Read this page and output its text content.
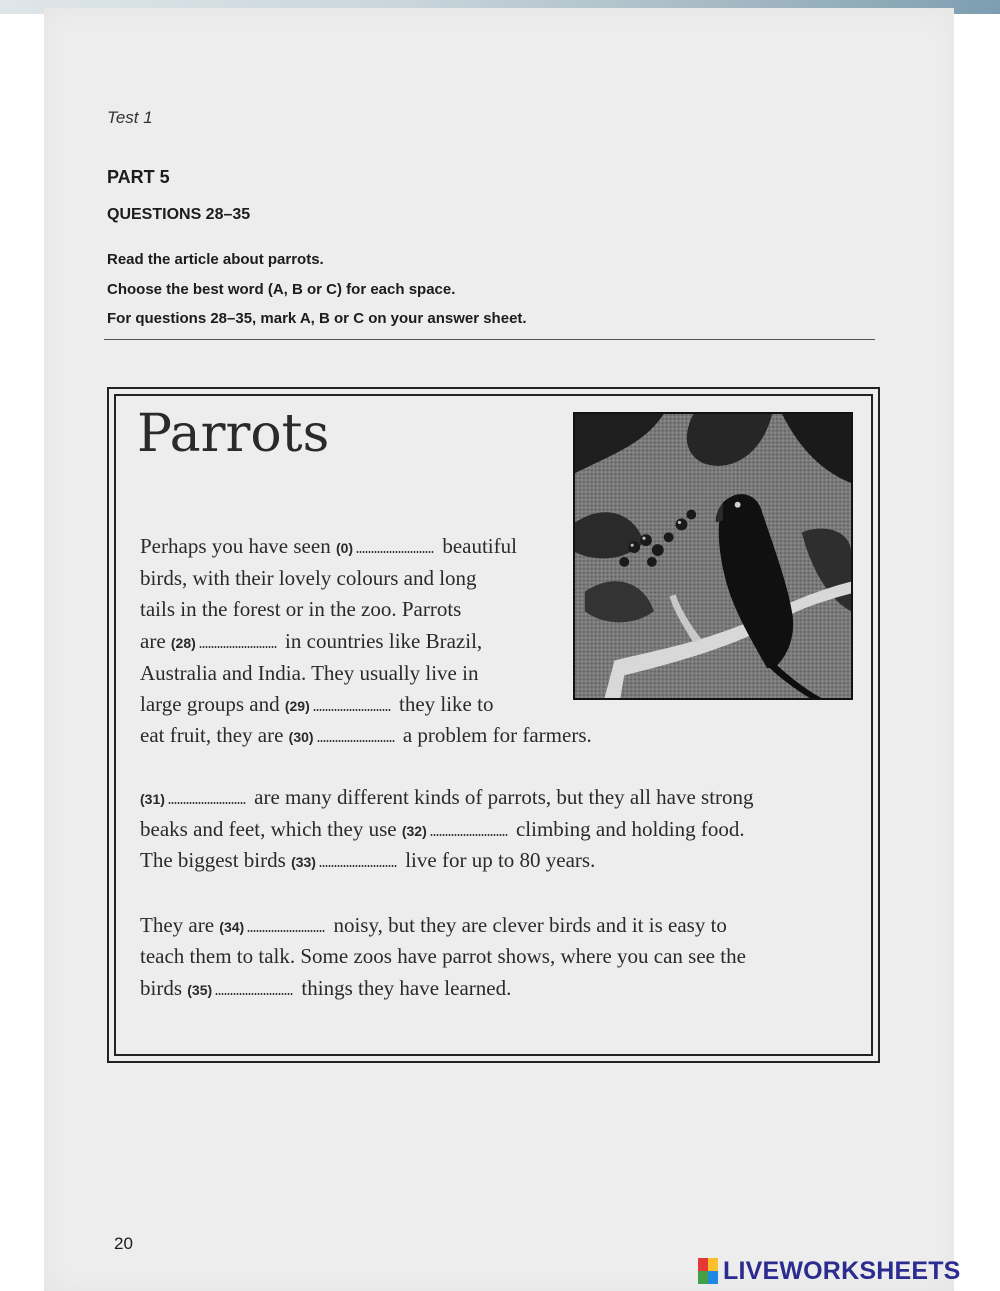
Test 1
PART 5
QUESTIONS 28–35
Read the article about parrots.
Choose the best word (A, B or C) for each space.
For questions 28–35, mark A, B or C on your answer sheet.
Parrots
Perhaps you have seen (0)	beautiful
birds, with their lovely colours and long
tails in the forest or in the zoo. Parrots
are (28)	in countries like Brazil,
Australia and India. They usually live in
large groups and (29)	they like to
eat fruit, they are (30)	a problem for farmers.
(31)	are many different kinds of parrots, but they all have strong
beaks and feet, which they use (32)	climbing and holding food.
The biggest birds (33)	live for up to 80 years.
They are (34)	noisy, but they are clever birds and it is easy to
teach them to talk. Some zoos have parrot shows, where you can see the
birds (35)	things they have learned.
20
LIVEWORKSHEETS
